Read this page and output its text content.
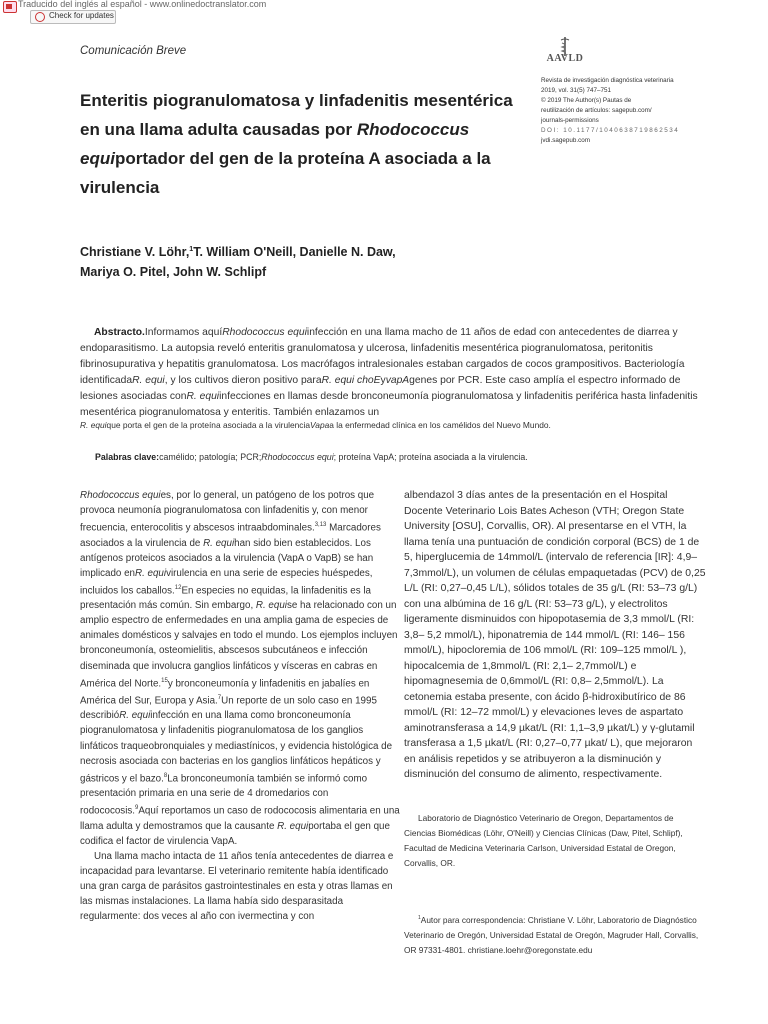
Traducido del inglés al español - www.onlinedoctranslator.com
Check for updates
Comunicación Breve
AAVLD
Revista de investigación diagnóstica veterinaria
2019, vol. 31(5) 747–751
© 2019 The Author(s) Pautas de
reutilización de artículos: sagepub.com/
journals-permissions
DOI: 10.1177/1040638719862534
jvdi.sagepub.com
Enteritis piogranulomatosa y linfadenitis mesentérica en una llama adulta causadas por Rhodococcus equiportador del gen de la proteína A asociada a la virulencia
Christiane V. Löhr,$^1$T. William O'Neill, Danielle N. Daw,
Mariya O. Pitel, John W. Schlipf
Abstracto.Informamos aquíRhodococcus equiinfección en una llama macho de 11 años de edad con antecedentes de diarrea y endoparasitismo. La autopsia reveló enteritis granulomatosa y ulcerosa, linfadenitis mesentérica piogranulomatosa, peritonitis fibrinosupurativa y hepatitis granulomatosa. Los macrófagos intralesionales estaban cargados de cocos grampositivos. Bacteriología identificadaR. equi, y los cultivos dieron positivo paraR. equi choEyvapAgenes por PCR. Este caso amplía el espectro informado de lesiones asociadas conR. equiinfecciones en llamas desde bronconeumonía piogranulomatosa y linfadenitis periférica hasta linfadenitis mesentérica piogranulomatosa y enteritis. También enlazamos un
R. equique porta el gen de la proteína asociada a la virulenciaVapaa la enfermedad clínica en los camélidos del Nuevo Mundo.
Palabras clave:camélido; patología; PCR;Rhodococcus equi; proteína VapA; proteína asociada a la virulencia.

Rhodococcus equies, por lo general, un patógeno de los potros que provoca neumonía piogranulomatosa con linfadenitis y, con menor frecuencia, enterocolitis y abscesos intraabdominales.$^{3,13}$ Marcadores asociados a la virulencia de R. equihan sido bien establecidos. Los antígenos proteicos asociados a la virulencia (VapA o VapB) se han implicado enR. equivirulencia en una serie de especies huéspedes, incluidos los caballos.$^{12}$En especies no equidas, la linfadenitis es la presentación más común. Sin embargo, R. equise ha relacionado con un amplio espectro de enfermedades en una amplia gama de especies de animales domésticos y salvajes en todo el mundo. Los ejemplos incluyen bronconeumonía, osteomielitis, abscesos subcutáneos e infección diseminada que involucra ganglios linfáticos y vísceras en cabras en América del Norte.$^{15}$y bronconeumonía y linfadenitis en jabalíes en América del Sur, Europa y Asia.$^7$Un reporte de un solo caso en 1995 describióR. equiinfección en una llama como bronconeumonía piogranulomatosa y linfadenitis piogranulomatosa de los ganglios linfáticos traqueobronquiales y mediastínicos, y evidencia histológica de necrosis asociada con bacterias en los ganglios linfáticos hepáticos y gástricos y el bazo.$^8$La bronconeumonía también se informó como presentación primaria en una serie de 4 dromedarios con rodococosis.$^9$Aquí reportamos un caso de rodococosis alimentaria en una llama adulta y demostramos que la causante R. equiportaba el gen que codifica el factor de virulencia VapA.

Una llama macho intacta de 11 años tenía antecedentes de diarrea e incapacidad para levantarse. El veterinario remitente había identificado una gran carga de parásitos gastrointestinales en esta y otras llamas en las mismas instalaciones. La llama había sido desparasitada regularmente: dos veces al año con ivermectina y con

albendazol 3 días antes de la presentación en el Hospital Docente Veterinario Lois Bates Acheson (VTH; Oregon State University [OSU], Corvallis, OR). Al presentarse en el VTH, la llama tenía una puntuación de condición corporal (BCS) de 1 de 5, hiperglucemia de 14mmol/L (intervalo de referencia [IR]: 4,9– 7,3mmol/L), un volumen de células empaquetadas (PCV) de 0,25 L/L (RI: 0,27–0,45 L/L), sólidos totales de 35 g/L (RI: 53–73 g/L) con una albúmina de 16 g/L (RI: 53–73 g/L), y electrolitos ligeramente disminuidos con hipopotasemia de 3,3 mmol/L (RI: 3,8– 5,2 mmol/L), hiponatremia de 144 mmol/L (RI: 146– 156 mmol/L), hipocloremia de 106 mmol/L (RI: 109–125 mmol/L ), hipocalcemia de 1,8mmol/L (RI: 2,1– 2,7mmol/L) e hipomagnesemia de 0,6mmol/L (RI: 0,8– 2,5mmol/L). La cetonemia estaba presente, con ácido β-hidroxibutírico de 86 mmol/L (RI: 12–72 mmol/L) y elevaciones leves de aspartato aminotransferasa a 14,9 µkat/L (RI: 1,1–3,9 µkat/L) y γ-glutamil transferasa a 1,5 µkat/L (RI: 0,27–0,77 µkat/ L), que mejoraron en análisis repetidos y se atribuyeron a la disminución y disminución del consumo de alimento, respectivamente.

Laboratorio de Diagnóstico Veterinario de Oregon, Departamentos de Ciencias Biomédicas (Löhr, O'Neill) y Ciencias Clínicas (Daw, Pitel, Schlipf), Facultad de Medicina Veterinaria Carlson, Universidad Estatal de Oregon, Corvallis, OR.
$^1$Autor para correspondencia: Christiane V. Löhr, Laboratorio de Diagnóstico Veterinario de Oregón, Universidad Estatal de Oregón, Magruder Hall, Corvallis, OR 97331-4801. christiane.loehr@oregonstate.edu
